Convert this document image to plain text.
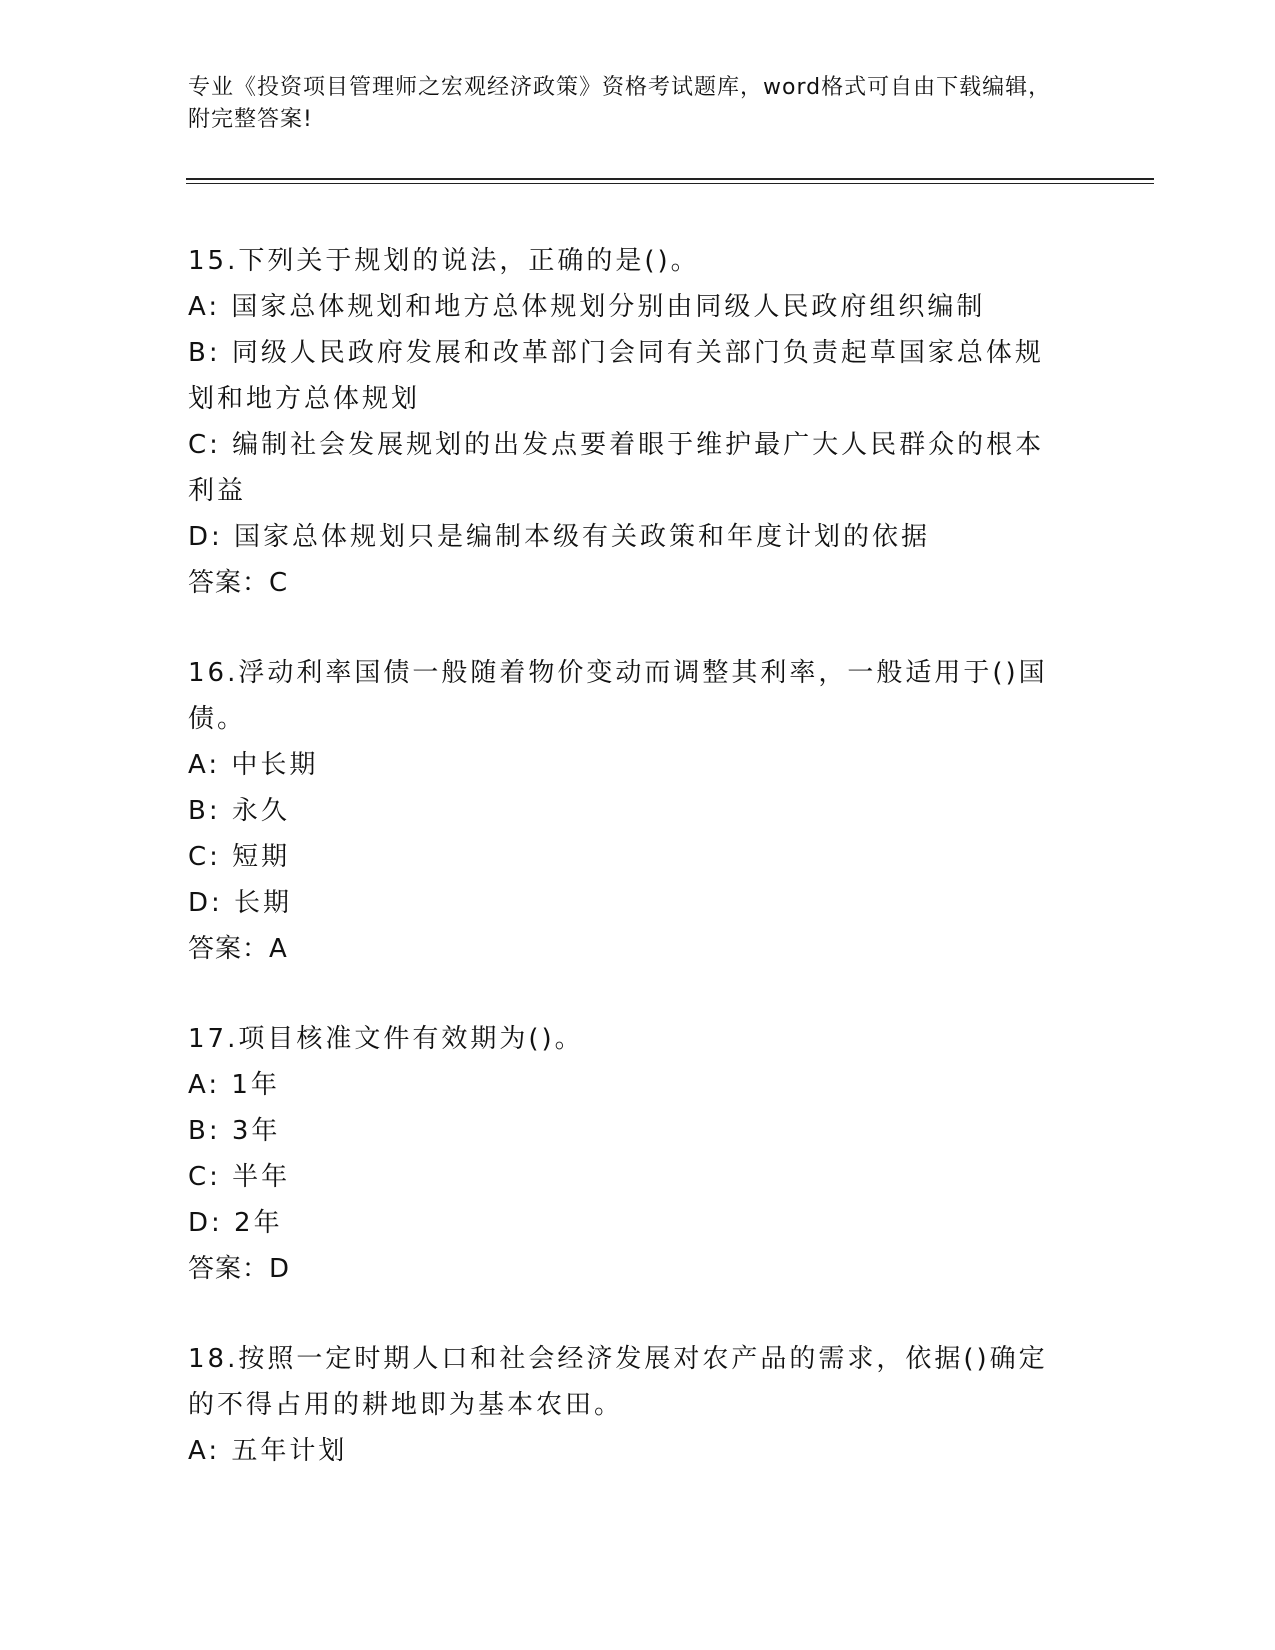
专业《投资项目管理师之宏观经济政策》资格考试题库，word格式可自由下载编辑，附完整答案!

15.下列关于规划的说法，正确的是()。

A: 国家总体规划和地方总体规划分别由同级人民政府组织编制

B: 同级人民政府发展和改革部门会同有关部门负责起草国家总体规划和地方总体规划

C: 编制社会发展规划的出发点要着眼于维护最广大人民群众的根本利益

D: 国家总体规划只是编制本级有关政策和年度计划的依据

答案：C

16.浮动利率国债一般随着物价变动而调整其利率，一般适用于()国债。

A: 中长期

B: 永久

C: 短期

D: 长期

答案：A

17.项目核准文件有效期为()。

A: 1年

B: 3年

C: 半年

D: 2年

答案：D

18.按照一定时期人口和社会经济发展对农产品的需求，依据()确定的不得占用的耕地即为基本农田。

A: 五年计划
